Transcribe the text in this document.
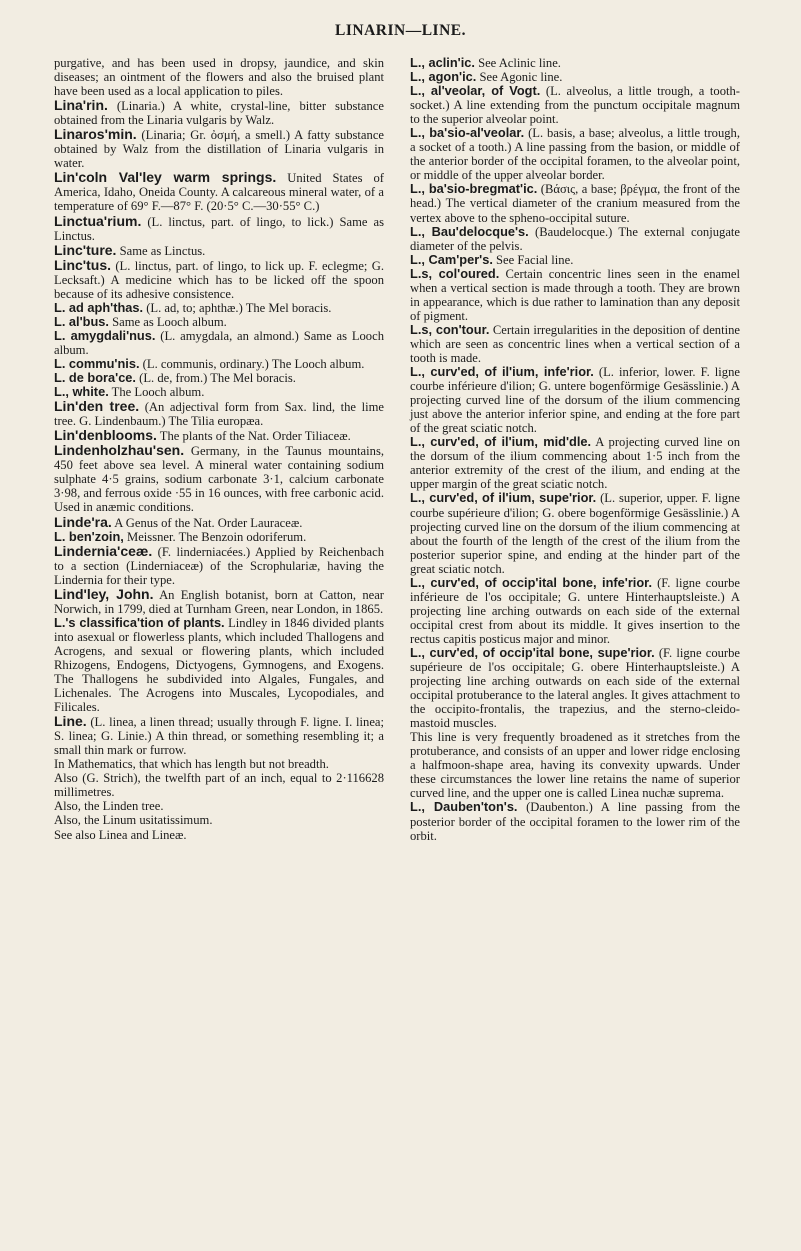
LINARIN—LINE.

purgative, and has been used in dropsy, jaundice, and skin diseases; an ointment of the flowers and also the bruised plant have been used as a local application to piles.

Lina'rin. (Linaria.) A white, crystal-line, bitter substance obtained from the Linaria vulgaris by Walz.

Linaros'min. (Linaria; Gr. ὀσμή, a smell.) A fatty substance obtained by Walz from the distillation of Linaria vulgaris in water.

Lin'coln Val'ley warm springs. United States of America, Idaho, Oneida County. A calcareous mineral water, of a temperature of 69° F.—87° F. (20·5° C.—30·55° C.)

Linctua'rium. (L. linctus, part. of lingo, to lick.) Same as Linctus.

Linc'ture. Same as Linctus.

Linc'tus. (L. linctus, part. of lingo, to lick up. F. eclegme; G. Lecksaft.) A medicine which has to be licked off the spoon because of its adhesive consistence.

L. ad aph'thas. (L. ad, to; aphthæ.) The Mel boracis.

L. al'bus. Same as Looch album.

L. amygdali'nus. (L. amygdala, an almond.) Same as Looch album.

L. commu'nis. (L. communis, ordinary.) The Looch album.

L. de bora'ce. (L. de, from.) The Mel boracis.

L., white. The Looch album.

Lin'den tree. (An adjectival form from Sax. lind, the lime tree. G. Lindenbaum.) The Tilia europæa.

Lin'denblooms. The plants of the Nat. Order Tiliaceæ.

Lindenholzhau'sen. Germany, in the Taunus mountains, 450 feet above sea level. A mineral water containing sodium sulphate 4·5 grains, sodium carbonate 3·1, calcium carbonate 3·98, and ferrous oxide ·55 in 16 ounces, with free carbonic acid. Used in anæmic conditions.

Linde'ra. A Genus of the Nat. Order Lauraceæ.

L. ben'zoin, Meissner. The Benzoin odoriferum.

Lindernia'ceæ. (F. linderniacées.) Applied by Reichenbach to a section (Linderniaceæ) of the Scrophulariæ, having the Lindernia for their type.

Lind'ley, John. An English botanist, born at Catton, near Norwich, in 1799, died at Turnham Green, near London, in 1865.

L.'s classifica'tion of plants. Lindley in 1846 divided plants into asexual or flowerless plants, which included Thallogens and Acrogens, and sexual or flowering plants, which included Rhizogens, Endogens, Dictyogens, Gymnogens, and Exogens. The Thallogens he subdivided into Algales, Fungales, and Lichenales. The Acrogens into Muscales, Lycopodiales, and Filicales.

Line. (L. linea, a linen thread; usually through F. ligne. I. linea; S. linea; G. Linie.) A thin thread, or something resembling it; a small thin mark or furrow.

In Mathematics, that which has length but not breadth.

Also (G. Strich), the twelfth part of an inch, equal to 2·116628 millimetres.

Also, the Linden tree.

Also, the Linum usitatissimum.

See also Linea and Lineæ.

L., aclin'ic. See Aclinic line.

L., agon'ic. See Agonic line.

L., al'veolar, of Vogt. (L. alveolus, a little trough, a tooth-socket.) A line extending from the punctum occipitale magnum to the superior alveolar point.

L., ba'sio-al'veolar. (L. basis, a base; alveolus, a little trough, a socket of a tooth.) A line passing from the basion, or middle of the anterior border of the occipital foramen, to the alveolar point, or middle of the upper alveolar border.

L., ba'sio-bregmat'ic. (Βάσις, a base; βρέγμα, the front of the head.) The vertical diameter of the cranium measured from the vertex above to the spheno-occipital suture.

L., Bau'delocque's. (Baudelocque.) The external conjugate diameter of the pelvis.

L., Cam'per's. See Facial line.

L.s, col'oured. Certain concentric lines seen in the enamel when a vertical section is made through a tooth. They are brown in appearance, which is due rather to lamination than any deposit of pigment.

L.s, con'tour. Certain irregularities in the deposition of dentine which are seen as concentric lines when a vertical section of a tooth is made.

L., curv'ed, of il'ium, infe'rior. (L. inferior, lower. F. ligne courbe inférieure d'ilion; G. untere bogenförmige Gesässlinie.) A projecting curved line of the dorsum of the ilium commencing just above the anterior inferior spine, and ending at the fore part of the great sciatic notch.

L., curv'ed, of il'ium, mid'dle. A projecting curved line on the dorsum of the ilium commencing about 1·5 inch from the anterior extremity of the crest of the ilium, and ending at the upper margin of the great sciatic notch.

L., curv'ed, of il'ium, supe'rior. (L. superior, upper. F. ligne courbe supérieure d'ilion; G. obere bogenförmige Gesässlinie.) A projecting curved line on the dorsum of the ilium commencing at about the fourth of the length of the crest of the ilium from the posterior superior spine, and ending at the hinder part of the great sciatic notch.

L., curv'ed, of occip'ital bone, infe'rior. (F. ligne courbe inférieure de l'os occipitale; G. untere Hinterhauptsleiste.) A projecting line arching outwards on each side of the external occipital crest from about its middle. It gives insertion to the rectus capitis posticus major and minor.

L., curv'ed, of occip'ital bone, supe'rior. (F. ligne courbe supérieure de l'os occipitale; G. obere Hinterhauptsleiste.) A projecting line arching outwards on each side of the external occipital protuberance to the lateral angles. It gives attachment to the occipito-frontalis, the trapezius, and the sterno-cleido-mastoid muscles.

This line is very frequently broadened as it stretches from the protuberance, and consists of an upper and lower ridge enclosing a halfmoon-shape area, having its convexity upwards. Under these circumstances the lower line retains the name of superior curved line, and the upper one is called Linea nuchæ suprema.

L., Dauben'ton's. (Daubenton.) A line passing from the posterior border of the occipital foramen to the lower rim of the orbit.
